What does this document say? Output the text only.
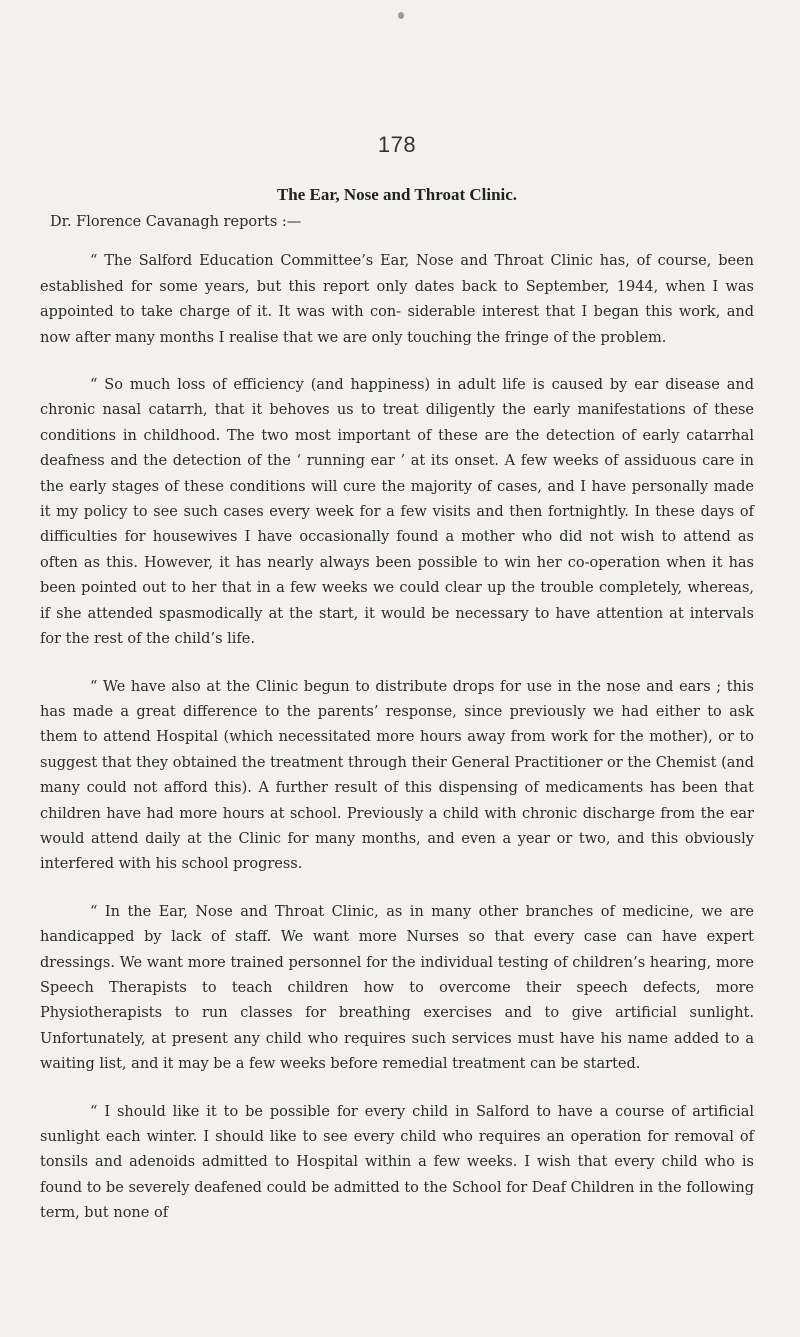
178
The Ear, Nose and Throat Clinic.

Dr. Florence Cavanagh reports :—

“ The Salford Education Committee’s Ear, Nose and Throat Clinic has, of course, been established for some years, but this report only dates back to September, 1944, when I was appointed to take charge of it. It was with con- siderable interest that I began this work, and now after many months I realise that we are only touching the fringe of the problem.

“ So much loss of efficiency (and happiness) in adult life is caused by ear disease and chronic nasal catarrh, that it behoves us to treat diligently the early manifestations of these conditions in childhood. The two most important of these are the detection of early catarrhal deafness and the detection of the ‘ running ear ’ at its onset. A few weeks of assiduous care in the early stages of these conditions will cure the majority of cases, and I have personally made it my policy to see such cases every week for a few visits and then fortnightly. In these days of difficulties for housewives I have occasionally found a mother who did not wish to attend as often as this. However, it has nearly always been possible to win her co-operation when it has been pointed out to her that in a few weeks we could clear up the trouble completely, whereas, if she attended spasmodically at the start, it would be necessary to have attention at intervals for the rest of the child’s life.

“ We have also at the Clinic begun to distribute drops for use in the nose and ears ; this has made a great difference to the parents’ response, since previously we had either to ask them to attend Hospital (which necessitated more hours away from work for the mother), or to suggest that they obtained the treatment through their General Practitioner or the Chemist (and many could not afford this). A further result of this dispensing of medicaments has been that children have had more hours at school. Previously a child with chronic discharge from the ear would attend daily at the Clinic for many months, and even a year or two, and this obviously interfered with his school progress.

“ In the Ear, Nose and Throat Clinic, as in many other branches of medicine, we are handicapped by lack of staff. We want more Nurses so that every case can have expert dressings. We want more trained personnel for the individual testing of children’s hearing, more Speech Therapists to teach children how to overcome their speech defects, more Physiotherapists to run classes for breathing exercises and to give artificial sunlight. Unfortunately, at present any child who requires such services must have his name added to a waiting list, and it may be a few weeks before remedial treatment can be started.

“ I should like it to be possible for every child in Salford to have a course of artificial sunlight each winter. I should like to see every child who requires an operation for removal of tonsils and adenoids admitted to Hospital within a few weeks. I wish that every child who is found to be severely deafened could be admitted to the School for Deaf Children in the following term, but none of
